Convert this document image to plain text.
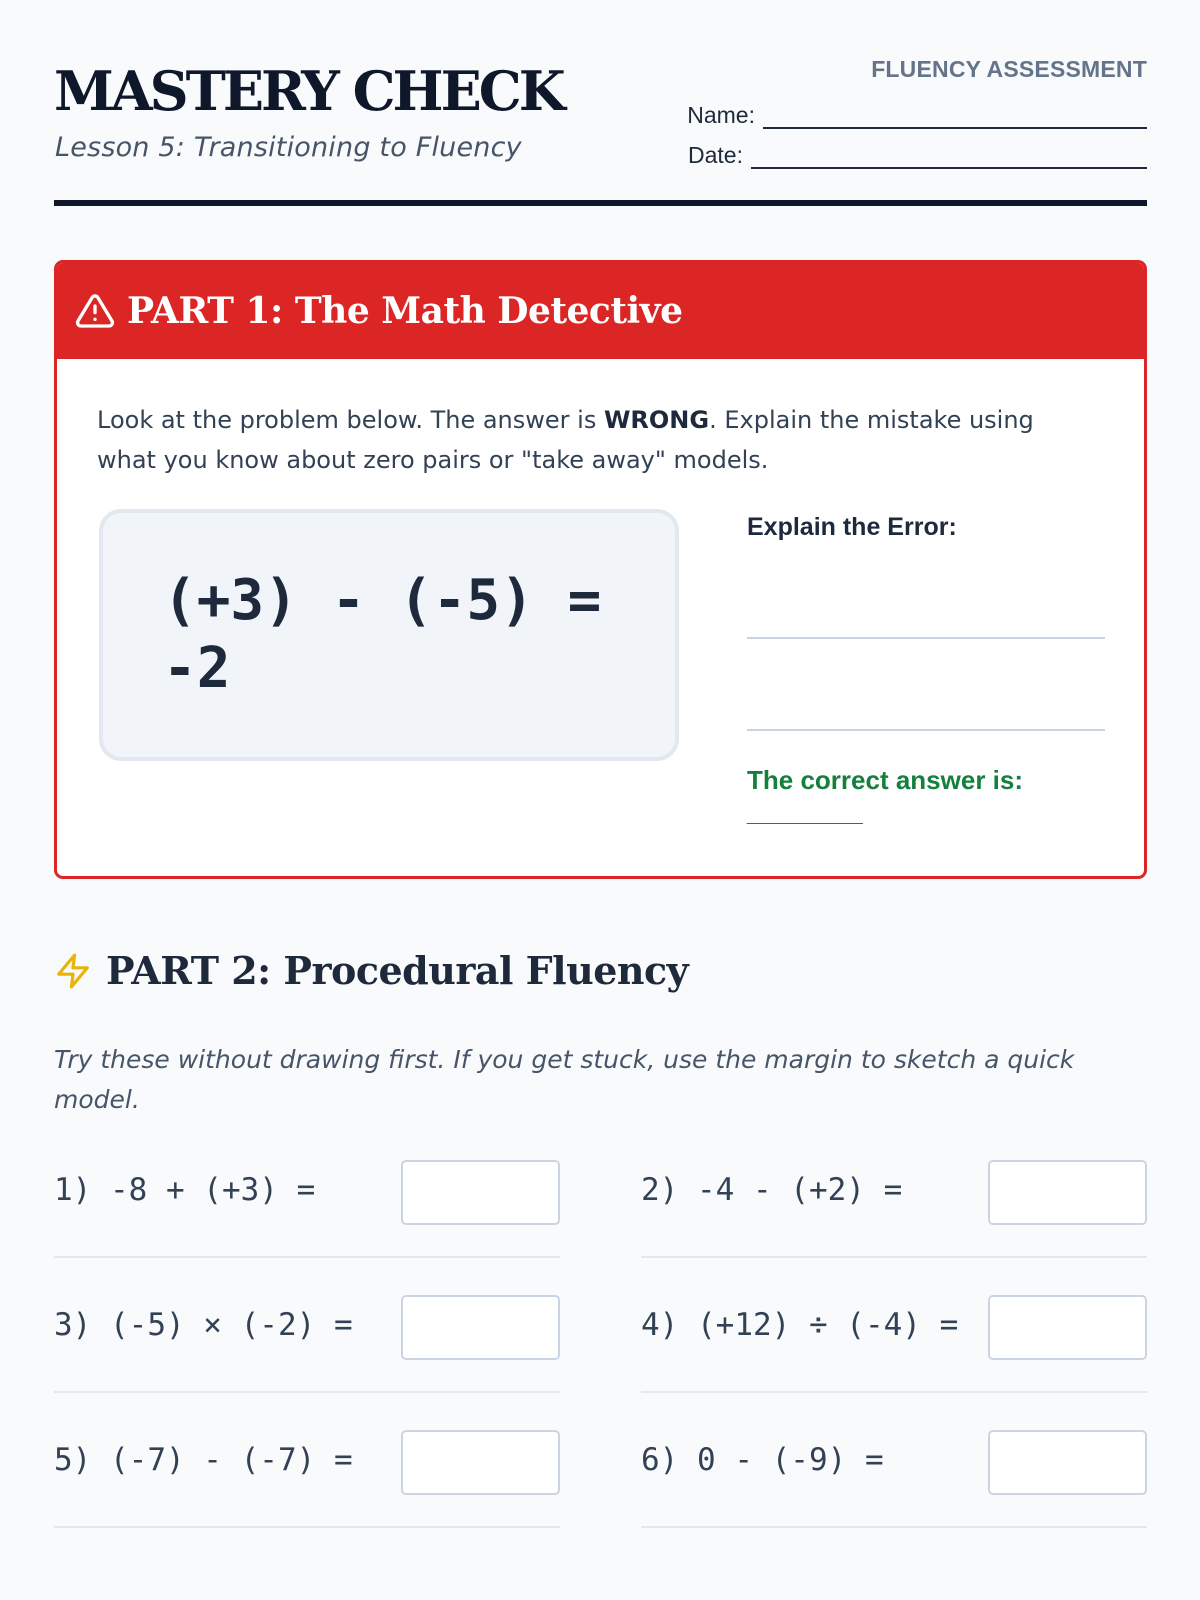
MASTERY CHECK
Lesson 5: Transitioning to Fluency
FLUENCY ASSESSMENT
Name:
Date:
PART 1: The Math Detective
Look at the problem below. The answer is WRONG. Explain the mistake using what you know about zero pairs or "take away" models.
(+3) - (-5) = -2
Explain the Error:
The correct answer is:
________
PART 2: Procedural Fluency
Try these without drawing first. If you get stuck, use the margin to sketch a quick model.
1) -8 + (+3) =	2) -4 - (+2) =
3) (-5) × (-2) =	4) (+12) ÷ (-4) =
5) (-7) - (-7) =	6) 0 - (-9) =
